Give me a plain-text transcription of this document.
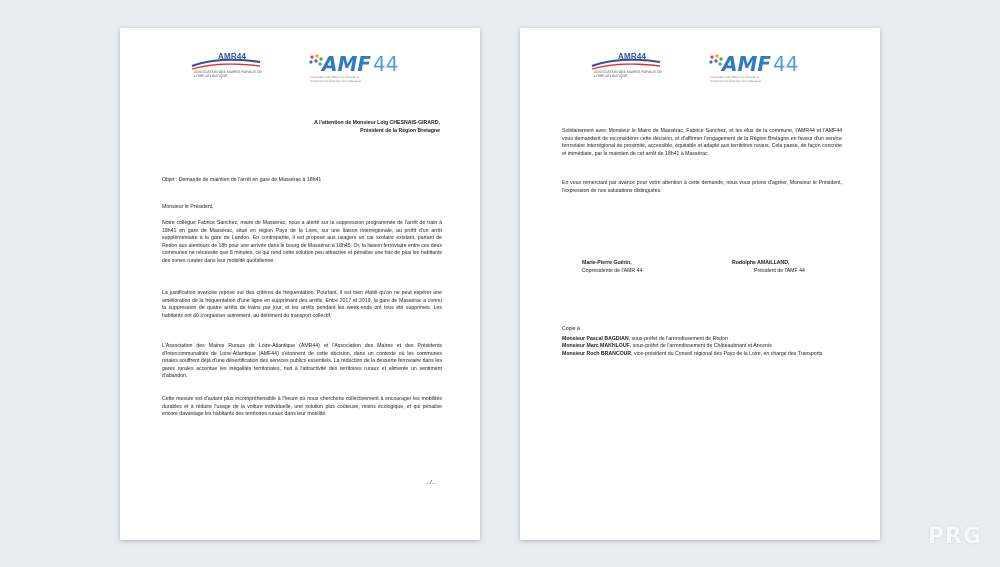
AMR44
ASSOCIATION DES MAIRES RURAUX DE LOIRE-ATLANTIQUE	AMF 44
Association des Maires et Présidents d'Intercommunalité de Loire-Atlantique

A l'attention de Monsieur Loïg CHESNAIS-GIRARD,

Président de la Région Bretagne

Objet : Demande de maintien de l'arrêt en gare de Massérac à 18h41
Monsieur le Président,
Notre collègue Fabrice Sanchez, maire de Massérac, nous a alerté sur la suppression programmée de l'arrêt de train à 18h41 en gare de Massérac, situé en région Pays de la Loire, sur une liaison interrégionale, au profit d'un arrêt supplémentaire à la gare de Landon. En contrepartie, il est proposé aux usagers un car scolaire existant, partant de Redon aux alentours de 18h pour une arrivée dans le bourg de Massérac à 18h45. Or, la liaison ferroviaire entre ces deux communes ne nécessite que 8 minutes, ce qui rend cette solution peu attractive et pénalise une fois de plus les habitants des zones rurales dans leur mobilité quotidienne.
La justification avancée repose sur des critères de fréquentation. Pourtant, il est bien établi qu'on ne peut espérer une amélioration de la fréquentation d'une ligne en supprimant des arrêts. Entre 2017 et 2019, la gare de Massérac a connu la suppression de quatre arrêts de trains par jour, et les arrêts pendant les week-ends ont tous été supprimés. Les habitants ont dû s'organiser autrement, au détriment du transport collectif.
L'Association des Maires Ruraux de Loire-Atlantique (AMR44) et l'Association des Maires et des Présidents d'Intercommunalités de Loire-Atlantique (AMF44) s'étonnent de cette décision, dans un contexte où les communes rurales souffrent déjà d'une désertification des services publics essentiels. La réduction de la desserte ferroviaire dans les gares rurales accentue les inégalités territoriales, nuit à l'attractivité des territoires ruraux et alimente un sentiment d'abandon.
Cette mesure est d'autant plus incompréhensible à l'heure où nous cherchons collectivement à encourager les mobilités durables et à réduire l'usage de la voiture individuelle, une solution plus coûteuse, moins écologique, et qui pénalise encore davantage les habitants des territoires ruraux dans leur mobilité.
…/…
AMR44
ASSOCIATION DES MAIRES RURAUX DE LOIRE-ATLANTIQUE	AMF 44
Association des Maires et Présidents d'Intercommunalité de Loire-Atlantique
Solidairement avec Monsieur le Maire de Massérac, Fabrice Sanchez, et les élus de la commune, l'AMR44 et l'AMF44 vous demandent de reconsidérer cette décision, et d'affirmer l'engagement de la Région Bretagne en faveur d'un service ferroviaire interrégional de proximité, accessible, équitable et adapté aux territoires ruraux. Cela passe, de façon concrète et immédiate, par le maintien de cet arrêt de 18h41 à Massérac.
En vous remerciant par avance pour votre attention à cette demande, nous vous prions d'agréer, Monsieur le Président, l'expression de nos salutations distinguées.

Marie-Pierre Guérin,

Coprésidente de l'AMR 44

Rodolphe AMAILLAND,

Président de l'AMF 44

Copie à

Monsieur Pascal BAGDIAN, sous-préfet de l'arrondissement de Redon

Monsieur Marc MAKHLOUF, sous-préfet de l'arrondissement de Châteaubriant et Ancenis

Monsieur Roch BRANCOUR, vice-président du Conseil régional des Pays de la Loire, en charge des Transports

PRG
